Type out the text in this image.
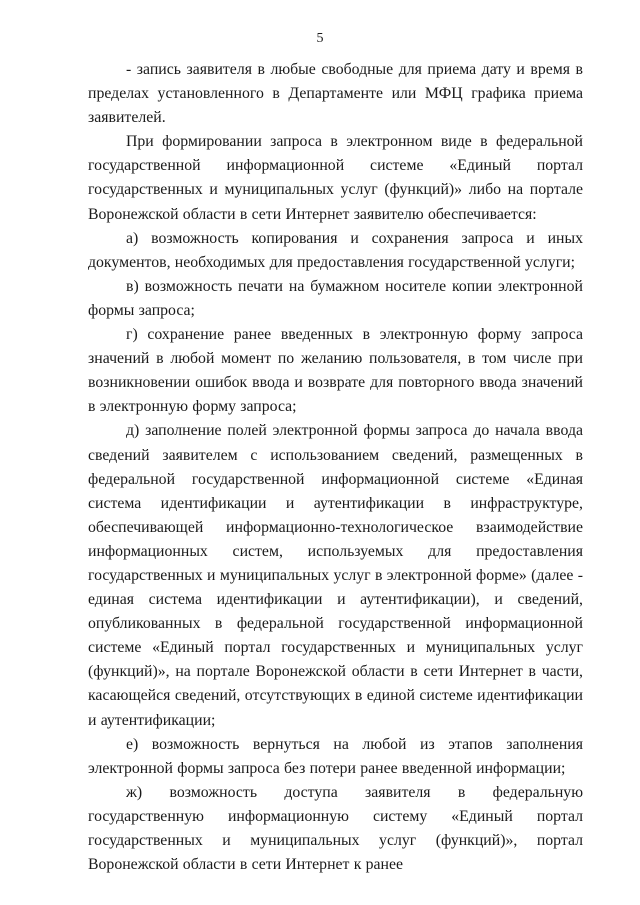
5

- запись заявителя в любые свободные для приема дату и время в пределах установленного в Департаменте или МФЦ графика приема заявителей.

При формировании запроса в электронном виде в федеральной государственной информационной системе «Единый портал государственных и муниципальных услуг (функций)» либо на портале Воронежской области в сети Интернет заявителю обеспечивается:

а) возможность копирования и сохранения запроса и иных документов, необходимых для предоставления государственной услуги;

в) возможность печати на бумажном носителе копии электронной формы запроса;

г) сохранение ранее введенных в электронную форму запроса значений в любой момент по желанию пользователя, в том числе при возникновении ошибок ввода и возврате для повторного ввода значений в электронную форму запроса;

д) заполнение полей электронной формы запроса до начала ввода сведений заявителем с использованием сведений, размещенных в федеральной государственной информационной системе «Единая система идентификации и аутентификации в инфраструктуре, обеспечивающей информационно-технологическое взаимодействие информационных систем, используемых для предоставления государственных и муниципальных услуг в электронной форме» (далее - единая система идентификации и аутентификации), и сведений, опубликованных в федеральной государственной информационной системе «Единый портал государственных и муниципальных услуг (функций)», на портале Воронежской области в сети Интернет в части, касающейся сведений, отсутствующих в единой системе идентификации и аутентификации;

е) возможность вернуться на любой из этапов заполнения электронной формы запроса без потери ранее введенной информации;

ж) возможность доступа заявителя в федеральную государственную информационную систему «Единый портал государственных и муниципальных услуг (функций)», портал Воронежской области в сети Интернет к ранее
